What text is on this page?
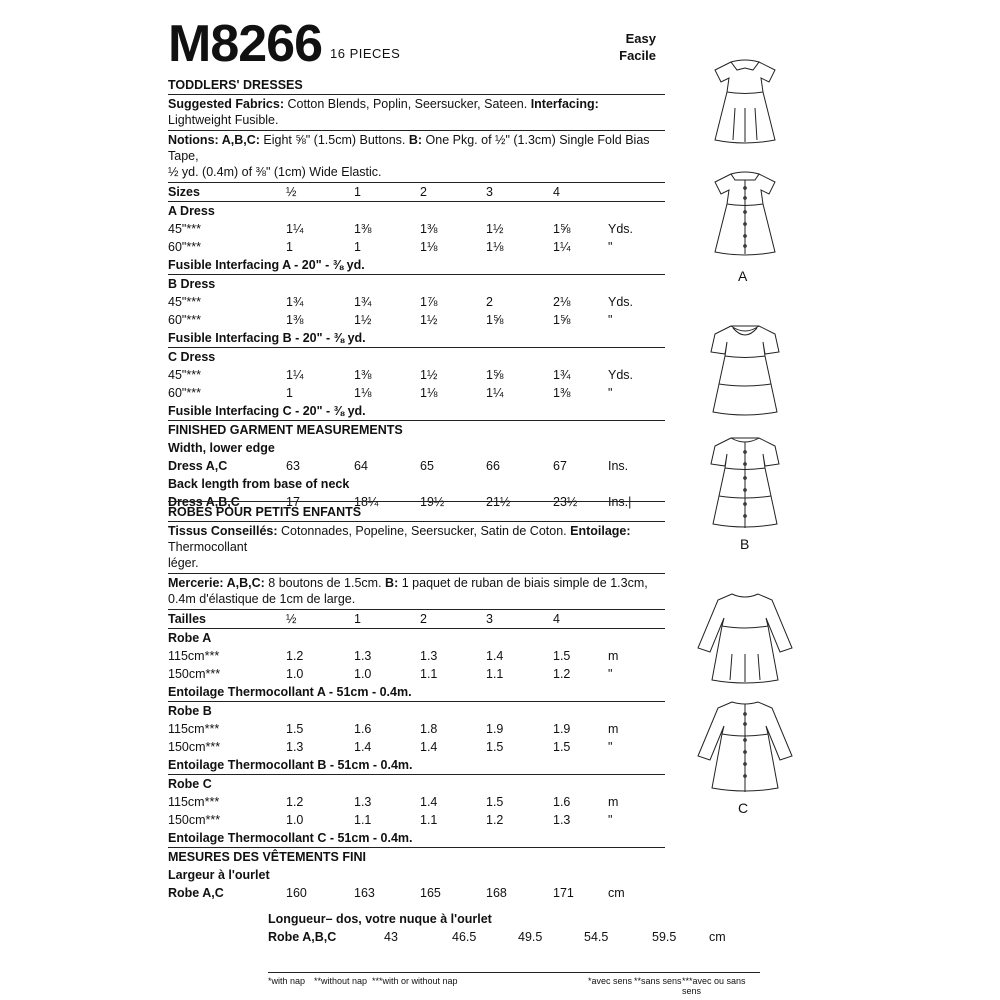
M8266 16 PIECES
Easy
Facile
TODDLERS' DRESSES
Suggested Fabrics: Cotton Blends, Poplin, Seersucker, Sateen. Interfacing: Lightweight Fusible.
Notions: A,B,C: Eight ⅝" (1.5cm) Buttons. B: One Pkg. of ½" (1.3cm) Single Fold Bias Tape,
½ yd. (0.4m) of ⅜" (1cm) Wide Elastic.
Sizes	½	1	2	3	4
A Dress
45"***	1¼	1⅜	1⅜	1½	1⅝	Yds.
60"***	1	1	1⅛	1⅛	1¼	"
Fusible Interfacing A - 20" - ⅜ yd.
B Dress
45"***	1¾	1¾	1⅞	2	2⅛	Yds.
60"***	1⅜	1½	1½	1⅝	1⅝	"
Fusible Interfacing B - 20" - ⅜ yd.
C Dress
45"***	1¼	1⅜	1½	1⅝	1¾	Yds.
60"***	1	1⅛	1⅛	1¼	1⅜	"
Fusible Interfacing C - 20" - ⅜ yd.
FINISHED GARMENT MEASUREMENTS
Width, lower edge
Dress A,C	63	64	65	66	67	Ins.
Back length from base of neck
Dress A,B,C	17	18¼	19½	21½	23½ Ins.|
ROBES POUR PETITS ENFANTS
Tissus Conseillés: Cotonnades, Popeline, Seersucker, Satin de Coton. Entoilage: Thermocollant
léger.
Mercerie: A,B,C: 8 boutons de 1.5cm. B: 1 paquet de ruban de biais simple de 1.3cm,
0.4m d'élastique de 1cm de large.
Tailles	½	1	2	3	4
Robe A
115cm***	1.2	1.3	1.3	1.4	1.5	m
150cm***	1.0	1.0	1.1	1.1	1.2	"
Entoilage Thermocollant A - 51cm - 0.4m.
Robe B
115cm***	1.5	1.6	1.8	1.9	1.9	m
150cm***	1.3	1.4	1.4	1.5	1.5	"
Entoilage Thermocollant B - 51cm - 0.4m.
Robe C
115cm***	1.2	1.3	1.4	1.5	1.6	m
150cm***	1.0	1.1	1.1	1.2	1.3	"
Entoilage Thermocollant C - 51cm - 0.4m.
MESURES DES VÊTEMENTS FINI
Largeur à l'ourlet
Robe A,C	160	163	165	168	171	cm
Longueur– dos, votre nuque à l'ourlet
Robe A,B,C	43	46.5	49.5	54.5	59.5	cm
*with nap **without nap ***with or without nap	*avec sens **sans sens ***avec ou sans sens
A
B
C
